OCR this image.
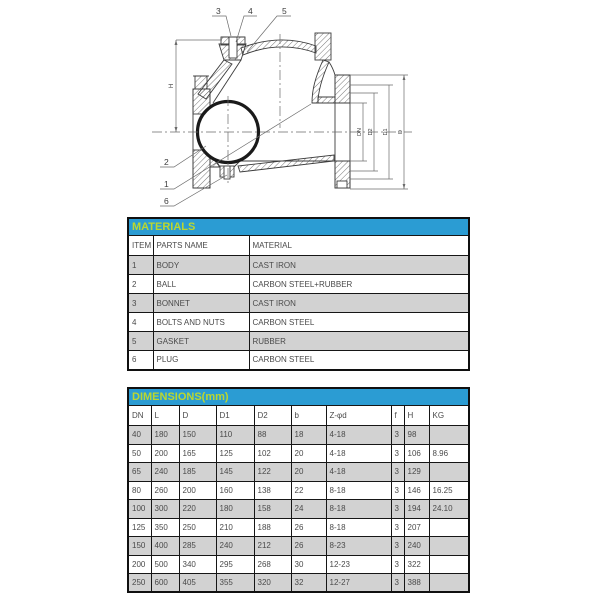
H
DN D2 D1 D
3	4	5
2
1
6
MATERIALS		
ITEM	PARTS NAME	MATERIAL
1	BODY	CAST IRON
2	BALL	CARBON STEEL+RUBBER
3	BONNET	CAST IRON
4	BOLTS AND NUTS	CARBON STEEL
5	GASKET	RUBBER
6	PLUG	CARBON STEEL
DIMENSIONS(mm)									
DN	L	D	D1	D2	b	Z-φd	f	H	KG
40	180	150	110	88	18	4-18	3	98	
50	200	165	125	102	20	4-18	3	106	8.96
65	240	185	145	122	20	4-18	3	129	
80	260	200	160	138	22	8-18	3	146	16.25
100	300	220	180	158	24	8-18	3	194	24.10
125	350	250	210	188	26	8-18	3	207	
150	400	285	240	212	26	8-23	3	240	
200	500	340	295	268	30	12-23	3	322	
250	600	405	355	320	32	12-27	3	388	
